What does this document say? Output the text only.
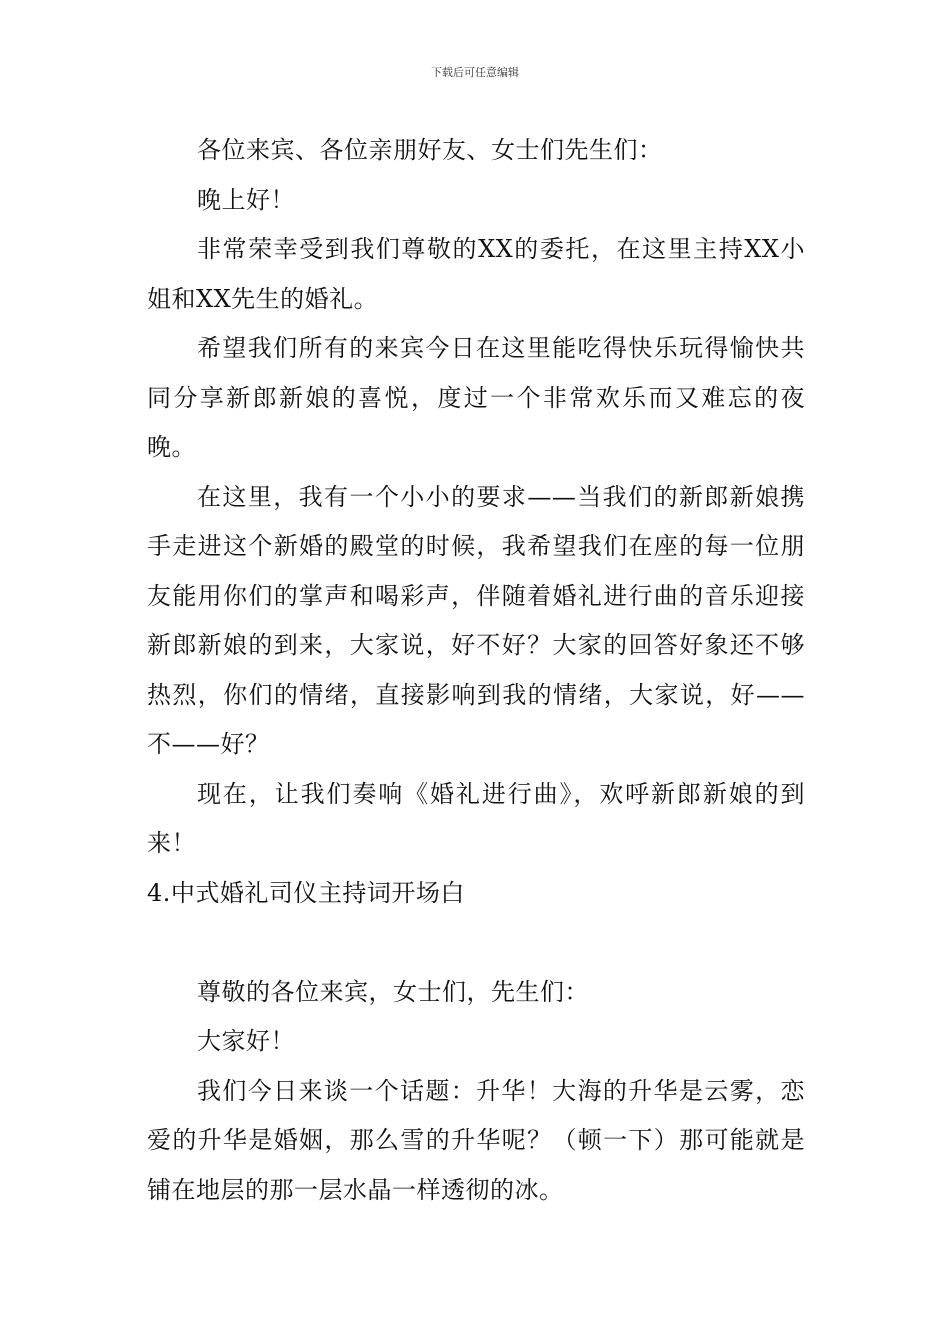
下载后可任意编辑

各位来宾、各位亲朋好友、女士们先生们：

晚上好！

非常荣幸受到我们尊敬的XX的委托，在这里主持XX小姐和XX先生的婚礼。

希望我们所有的来宾今日在这里能吃得快乐玩得愉快共同分享新郎新娘的喜悦，度过一个非常欢乐而又难忘的夜晚。

在这里，我有一个小小的要求——当我们的新郎新娘携手走进这个新婚的殿堂的时候，我希望我们在座的每一位朋友能用你们的掌声和喝彩声，伴随着婚礼进行曲的音乐迎接新郎新娘的到来，大家说，好不好？大家的回答好象还不够热烈，你们的情绪，直接影响到我的情绪，大家说，好——不——好？

现在，让我们奏响《婚礼进行曲》，欢呼新郎新娘的到来！

4.中式婚礼司仪主持词开场白

尊敬的各位来宾，女士们，先生们：

大家好！

我们今日来谈一个话题：升华！大海的升华是云雾，恋爱的升华是婚姻，那么雪的升华呢？（顿一下）那可能就是铺在地层的那一层水晶一样透彻的冰。
